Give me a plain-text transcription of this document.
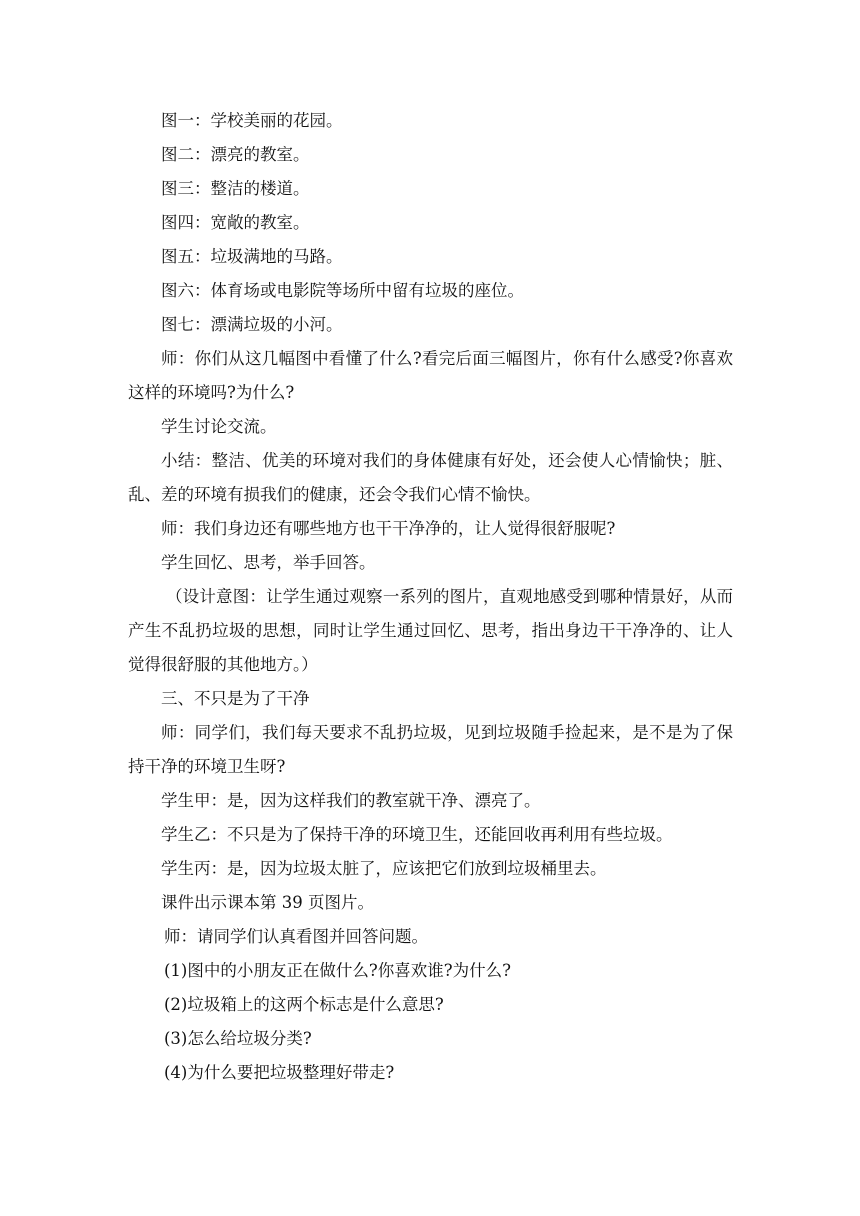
图一：学校美丽的花园。

图二：漂亮的教室。

图三：整洁的楼道。

图四：宽敞的教室。

图五：垃圾满地的马路。

图六：体育场或电影院等场所中留有垃圾的座位。

图七：漂满垃圾的小河。

师：你们从这几幅图中看懂了什么?看完后面三幅图片，你有什么感受?你喜欢这样的环境吗?为什么?

学生讨论交流。

小结：整洁、优美的环境对我们的身体健康有好处，还会使人心情愉快；脏、乱、差的环境有损我们的健康，还会令我们心情不愉快。

师：我们身边还有哪些地方也干干净净的，让人觉得很舒服呢?

学生回忆、思考，举手回答。

（设计意图：让学生通过观察一系列的图片，直观地感受到哪种情景好，从而产生不乱扔垃圾的思想，同时让学生通过回忆、思考，指出身边干干净净的、让人觉得很舒服的其他地方。）

三、不只是为了干净

师：同学们，我们每天要求不乱扔垃圾，见到垃圾随手捡起来，是不是为了保持干净的环境卫生呀?

学生甲：是，因为这样我们的教室就干净、漂亮了。

学生乙：不只是为了保持干净的环境卫生，还能回收再利用有些垃圾。

学生丙：是，因为垃圾太脏了，应该把它们放到垃圾桶里去。

课件出示课本第 39 页图片。

师：请同学们认真看图并回答问题。

(1)图中的小朋友正在做什么?你喜欢谁?为什么?

(2)垃圾箱上的这两个标志是什么意思?

(3)怎么给垃圾分类?

(4)为什么要把垃圾整理好带走?
